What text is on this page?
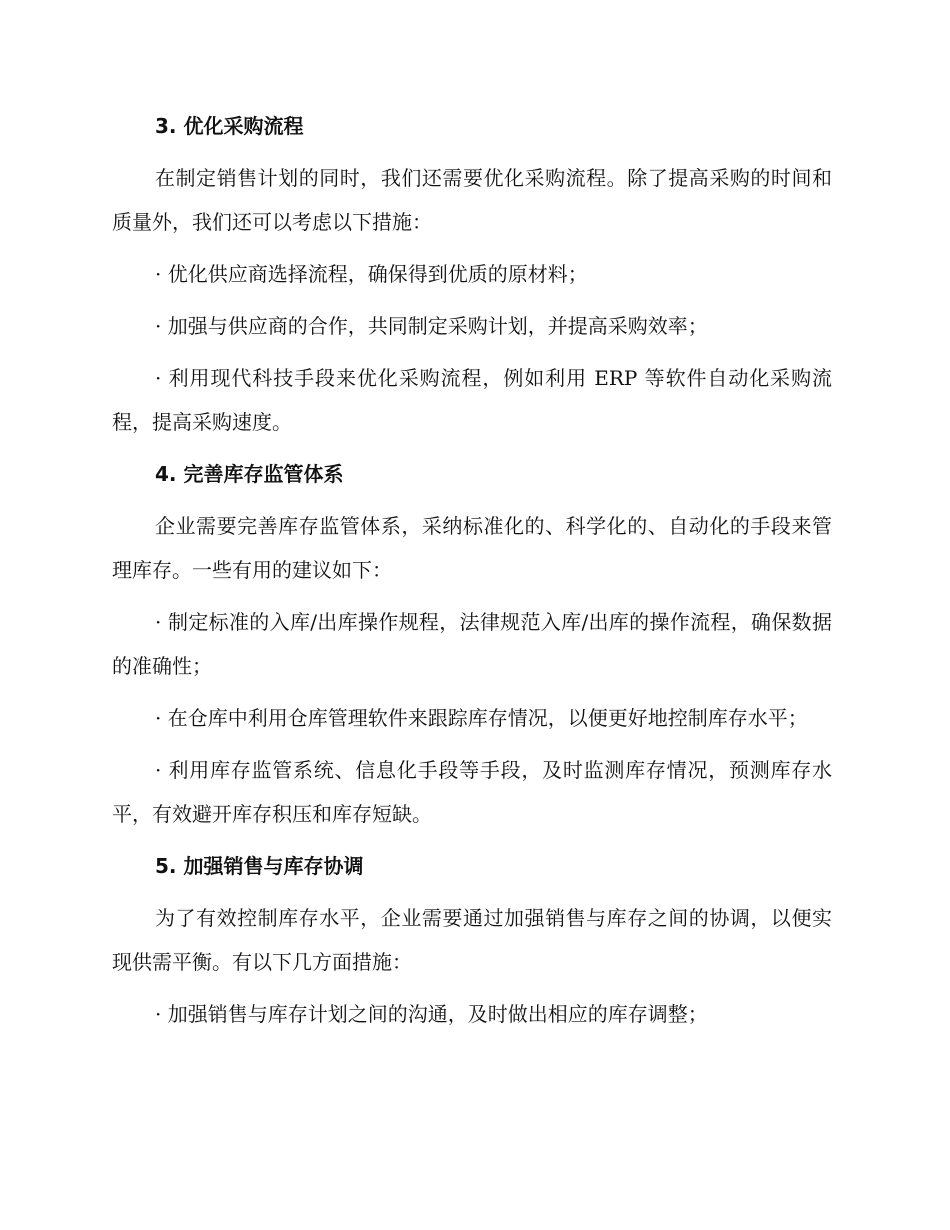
3. 优化采购流程

在制定销售计划的同时，我们还需要优化采购流程。除了提高采购的时间和质量外，我们还可以考虑以下措施：

· 优化供应商选择流程，确保得到优质的原材料；

· 加强与供应商的合作，共同制定采购计划，并提高采购效率；

· 利用现代科技手段来优化采购流程，例如利用 ERP 等软件自动化采购流程，提高采购速度。

4. 完善库存监管体系

企业需要完善库存监管体系，采纳标准化的、科学化的、自动化的手段来管理库存。一些有用的建议如下：

· 制定标准的入库/出库操作规程，法律规范入库/出库的操作流程，确保数据的准确性；

· 在仓库中利用仓库管理软件来跟踪库存情况，以便更好地控制库存水平；

· 利用库存监管系统、信息化手段等手段，及时监测库存情况，预测库存水平，有效避开库存积压和库存短缺。

5. 加强销售与库存协调

为了有效控制库存水平，企业需要通过加强销售与库存之间的协调，以便实现供需平衡。有以下几方面措施：

· 加强销售与库存计划之间的沟通，及时做出相应的库存调整；
